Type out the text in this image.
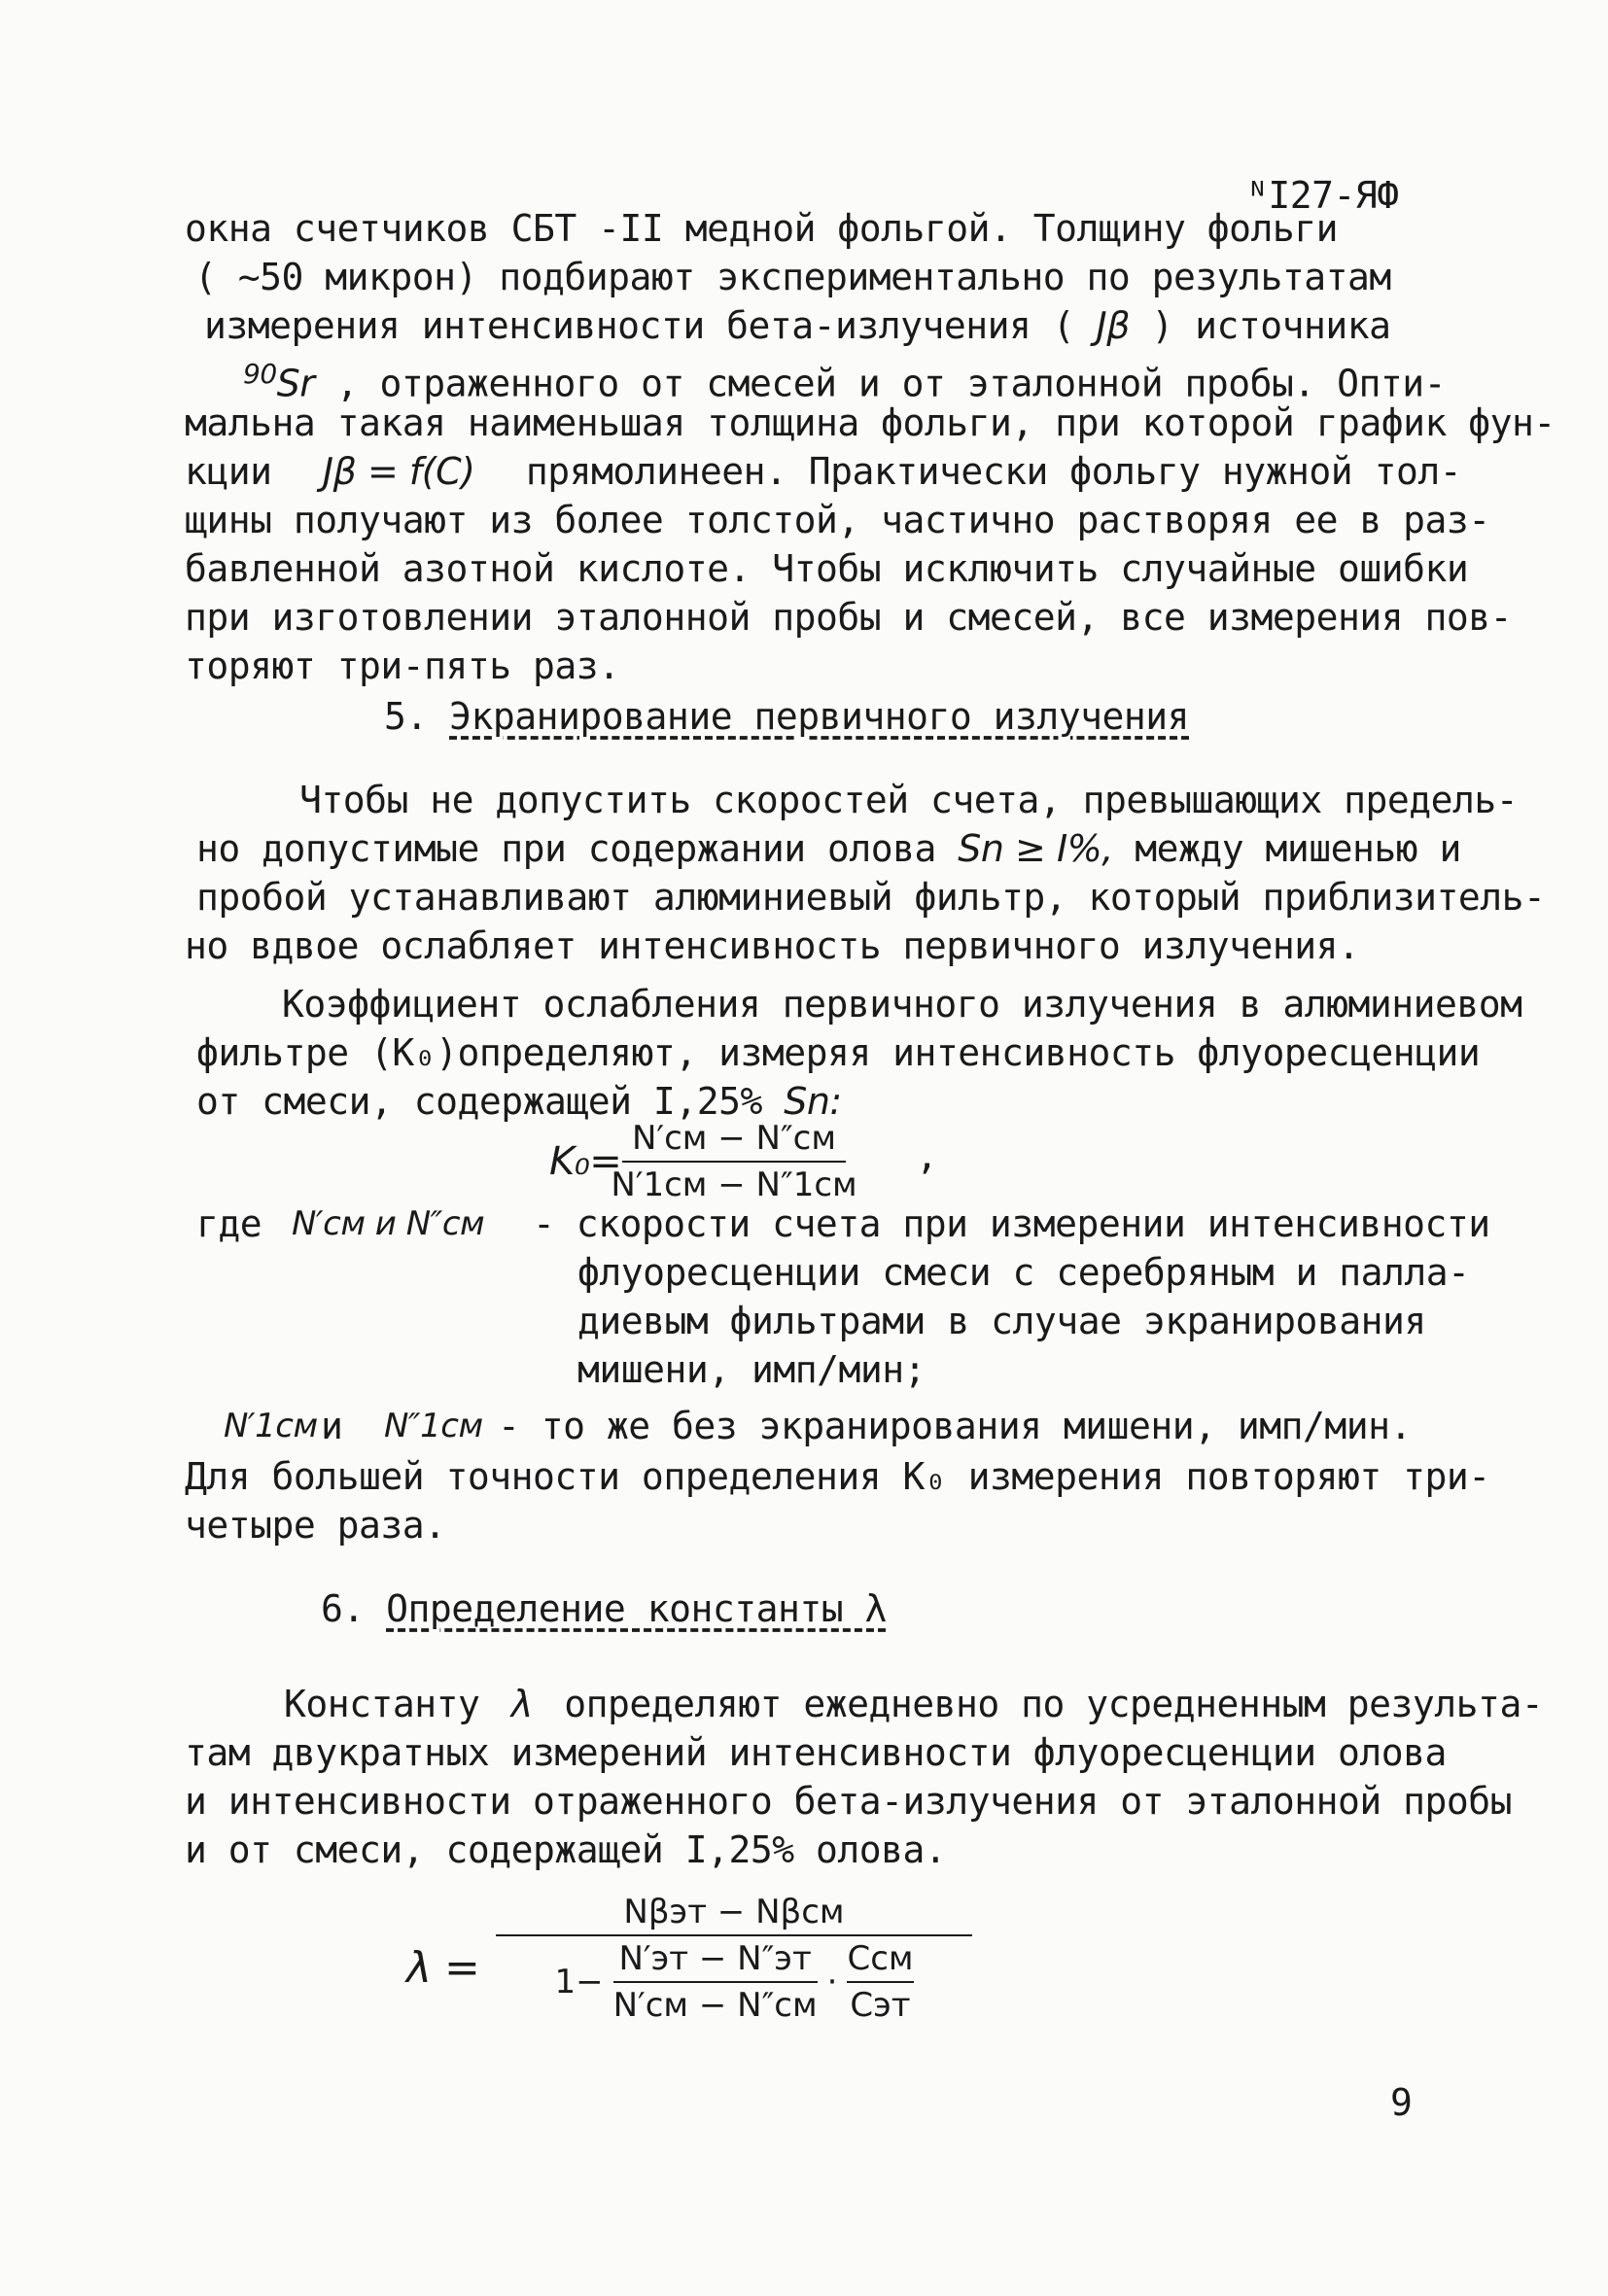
ᴺI27-ЯФ
окна счетчиков СБТ -II медной фольгой. Толщину фольги
( ~50 микрон) подбирают экспериментально по результатам
измерения интенсивности бета-излучения ( Jβ ) источника
$^{90}$Sr , отраженного от смесей и от эталонной пробы. Опти-
мальна такая наименьшая толщина фольги, при которой график фун-
кции Jβ = f(C) прямолинеен. Практически фольгу нужной тол-
щины получают из более толстой, частично растворяя ее в раз-
бавленной азотной кислоте. Чтобы исключить случайные ошибки
при изготовлении эталонной пробы и смесей, все измерения пов-
торяют три-пять раз.
5. Экранирование первичного излучения
Чтобы не допустить скоростей счета, превышающих предель-
но допустимые при содержании олова Sn ≥ I%, между мишенью и
пробой устанавливают алюминиевый фильтр, который приблизитель-
но вдвое ослабляет интенсивность первичного излучения.
Коэффициент ослабления первичного излучения в алюминиевом
фильтре (K₀)определяют, измеряя интенсивность флуоресценции
от смеси, содержащей I,25% Sn:
K₀=
N′см − N″см
N′1см − N″1см
,
где N′см и N″см - скорости счета при измерении интенсивности
флуоресценции смеси с серебряным и палла-
диевым фильтрами в случае экранирования
мишени, имп/мин;
N′1см и N″1см - то же без экранирования мишени, имп/мин.
Для большей точности определения K₀ измерения повторяют три-
четыре раза.
6. Определение константы λ
Константу λ определяют ежедневно по усредненным результа-
там двукратных измерений интенсивности флуоресценции олова
и интенсивности отраженного бета-излучения от эталонной пробы
и от смеси, содержащей I,25% олова.
λ =
Nβэт − Nβсм
$1- \frac{N'эт - N''эт}{N'см - N''см} \cdot \frac{\text{Cсм}}{\text{Cэт}}$
9
